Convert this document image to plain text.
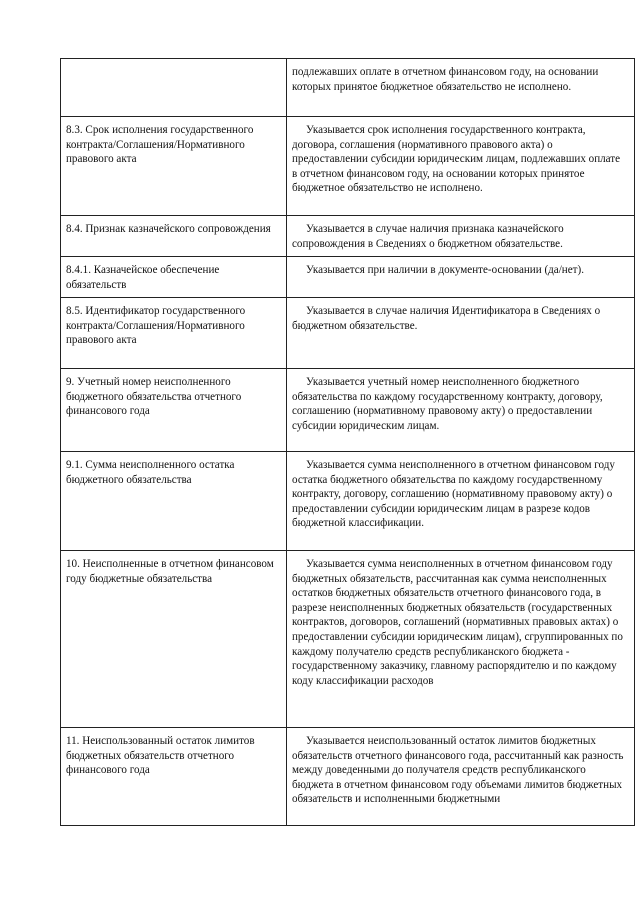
	подлежавших оплате в отчетном финансовом году, на основании которых принятое бюджетное обязательство не исполнено.

8.3. Срок исполнения государственного контракта/Соглашения/Нормативного правового акта	Указывается срок исполнения государственного контракта, договора, соглашения (нормативного правового акта) о предоставлении субсидии юридическим лицам, подлежавших оплате в отчетном финансовом году, на основании которых принятое бюджетное обязательство не исполнено.

8.4. Признак казначейского сопровождения	Указывается в случае наличия признака казначейского сопровождения в Сведениях о бюджетном обязательстве.

8.4.1. Казначейское обеспечение обязательств	Указывается при наличии в документе-основании (да/нет).

8.5. Идентификатор государственного контракта/Соглашения/Нормативного правового акта	Указывается в случае наличия Идентификатора в Сведениях о бюджетном обязательстве.

9. Учетный номер неисполненного бюджетного обязательства отчетного финансового года	Указывается учетный номер неисполненного бюджетного обязательства по каждому государственному контракту, договору, соглашению (нормативному правовому акту) о предоставлении субсидии юридическим лицам.

9.1. Сумма неисполненного остатка бюджетного обязательства	Указывается сумма неисполненного в отчетном финансовом году остатка бюджетного обязательства по каждому государственному контракту, договору, соглашению (нормативному правовому акту) о предоставлении субсидии юридическим лицам в разрезе кодов бюджетной классификации.

10. Неисполненные в отчетном финансовом году бюджетные обязательства	Указывается сумма неисполненных в отчетном финансовом году бюджетных обязательств, рассчитанная как сумма неисполненных остатков бюджетных обязательств отчетного финансового года, в разрезе неисполненных бюджетных обязательств (государственных контрактов, договоров, соглашений (нормативных правовых актах) о предоставлении субсидии юридическим лицам), сгруппированных по каждому получателю средств республиканского бюджета - государственному заказчику, главному распорядителю и по каждому коду классификации расходов

11. Неиспользованный остаток лимитов бюджетных обязательств отчетного финансового года	Указывается неиспользованный остаток лимитов бюджетных обязательств отчетного финансового года, рассчитанный как разность между доведенными до получателя средств республиканского бюджета в отчетном финансовом году объемами лимитов бюджетных обязательств и исполненными бюджетными
